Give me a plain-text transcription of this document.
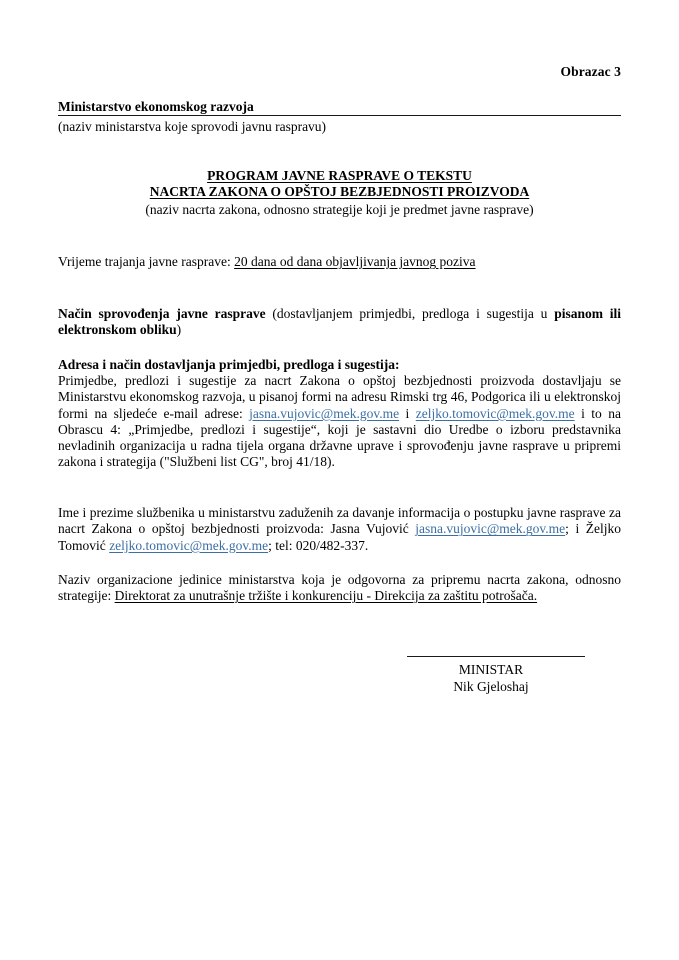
Obrazac 3
Ministarstvo ekonomskog razvoja
(naziv ministarstva koje sprovodi javnu raspravu)
PROGRAM JAVNE RASPRAVE O TEKSTU
NACRTA ZAKONA O OPŠTOJ BEZBJEDNOSTI PROIZVODA
(naziv nacrta zakona, odnosno strategije koji je predmet javne rasprave)
Vrijeme trajanja javne rasprave: 20 dana od dana objavljivanja javnog poziva
Način sprovođenja javne rasprave (dostavljanjem primjedbi, predloga i sugestija u pisanom ili elektronskom obliku)
Adresa i način dostavljanja primjedbi, predloga i sugestija:
Primjedbe, predlozi i sugestije za nacrt Zakona o opštoj bezbjednosti proizvoda dostavljaju se Ministarstvu ekonomskog razvoja, u pisanoj formi na adresu Rimski trg 46, Podgorica ili u elektronskoj formi na sljedeće e-mail adrese: jasna.vujovic@mek.gov.me i zeljko.tomovic@mek.gov.me i to na Obrascu 4: „Primjedbe, predlozi i sugestije“, koji je sastavni dio Uredbe o izboru predstavnika nevladinih organizacija u radna tijela organa državne uprave i sprovođenju javne rasprave u pripremi zakona i strategija ("Službeni list CG", broj 41/18).
Ime i prezime službenika u ministarstvu zaduženih za davanje informacija o postupku javne rasprave za nacrt Zakona o opštoj bezbjednosti proizvoda: Jasna Vujović jasna.vujovic@mek.gov.me; i Željko Tomović zeljko.tomovic@mek.gov.me; tel: 020/482-337.
Naziv organizacione jedinice ministarstva koja je odgovorna za pripremu nacrta zakona, odnosno strategije: Direktorat za unutrašnje tržište i konkurenciju - Direkcija za zaštitu potrošača.
MINISTAR
Nik Gjeloshaj
